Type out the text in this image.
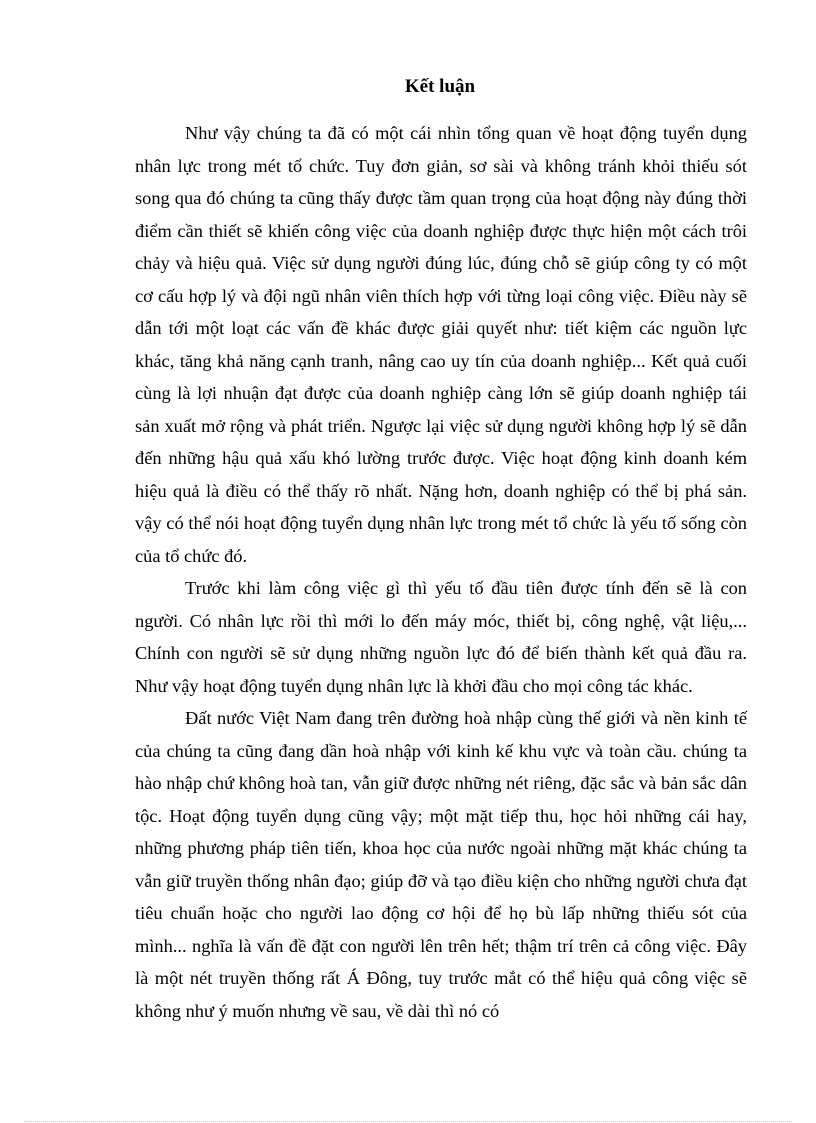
Kết luận

Như vậy chúng ta đã có một cái nhìn tổng quan về hoạt động tuyển dụng nhân lực trong mét tổ chức. Tuy đơn giản, sơ sài và không tránh khỏi thiếu sót song qua đó chúng ta cũng thấy được tầm quan trọng của hoạt động này đúng thời điểm cần thiết sẽ khiến công việc của doanh nghiệp được thực hiện một cách trôi chảy và hiệu quả. Việc sử dụng người đúng lúc, đúng chỗ sẽ giúp công ty có một cơ cấu hợp lý và đội ngũ nhân viên thích hợp với từng loại công việc. Điều này sẽ dẫn tới một loạt các vấn đề khác được giải quyết như: tiết kiệm các nguồn lực khác, tăng khả năng cạnh tranh, nâng cao uy tín của doanh nghiệp... Kết quả cuối cùng là lợi nhuận đạt được của doanh nghiệp càng lớn sẽ giúp doanh nghiệp tái sản xuất mở rộng và phát triển. Ngược lại việc sử dụng người không hợp lý sẽ dẫn đến những hậu quả xấu khó lường trước được. Việc hoạt động kinh doanh kém hiệu quả là điều có thể thấy rõ nhất. Nặng hơn, doanh nghiệp có thể bị phá sản. vậy có thể nói hoạt động tuyển dụng nhân lực trong mét tổ chức là yếu tố sống còn của tổ chức đó.

Trước khi làm công việc gì thì yếu tố đầu tiên được tính đến sẽ là con người. Có nhân lực rồi thì mới lo đến máy móc, thiết bị, công nghệ, vật liệu,... Chính con người sẽ sử dụng những nguồn lực đó để biến thành kết quả đầu ra. Như vậy hoạt động tuyển dụng nhân lực là khởi đầu cho mọi công tác khác.

Đất nước Việt Nam đang trên đường hoà nhập cùng thế giới và nền kinh tế của chúng ta cũng đang dần hoà nhập với kinh kế khu vực và toàn cầu. chúng ta hào nhập chứ không hoà tan, vẫn giữ được những nét riêng, đặc sắc và bản sắc dân tộc. Hoạt động tuyển dụng cũng vậy; một mặt tiếp thu, học hỏi những cái hay, những phương pháp tiên tiến, khoa học của nước ngoài những mặt khác chúng ta vẫn giữ truyền thống nhân đạo; giúp đỡ và tạo điều kiện cho những người chưa đạt tiêu chuẩn hoặc cho người lao động cơ hội để họ bù lấp những thiếu sót của mình... nghĩa là vấn đề đặt con người lên trên hết; thậm trí trên cả công việc. Đây là một nét truyền thống rất Á Đông, tuy trước mắt có thể hiệu quả công việc sẽ không như ý muốn nhưng về sau, về dài thì nó có
